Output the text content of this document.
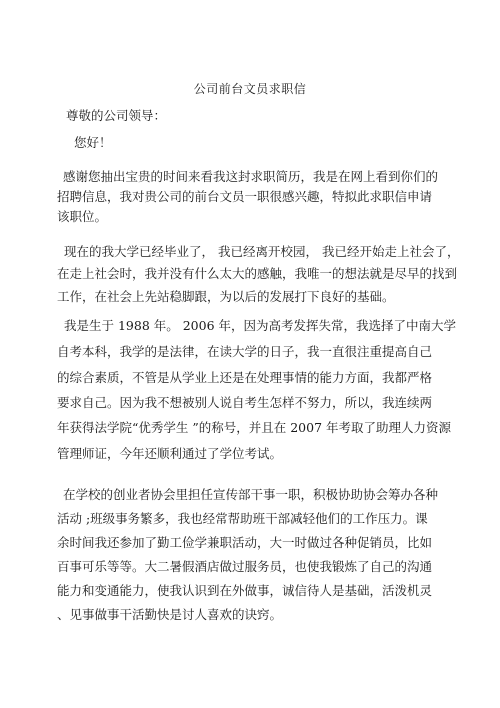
公司前台文员求职信
尊敬的公司领导：
您好！
感谢您抽出宝贵的时间来看我这封求职简历，我是在网上看到你们的
招聘信息，我对贵公司的前台文员一职很感兴趣，特拟此求职信申请
该职位。
现在的我大学已经毕业了， 我已经离开校园， 我已经开始走上社会了，
在走上社会时，我并没有什么太大的感触，我唯一的想法就是尽早的找到
工作，在社会上先站稳脚跟，为以后的发展打下良好的基础。
我是生于 1988 年。 2006 年，因为高考发挥失常，我选择了中南大学
自考本科，我学的是法律，在读大学的日子，我一直很注重提高自己
的综合素质，不管是从学业上还是在处理事情的能力方面，我都严格
要求自己。因为我不想被别人说自考生怎样不努力，所以，我连续两
年获得法学院“优秀学生 ”的称号，并且在 2007 年考取了助理人力资源
管理师证，今年还顺利通过了学位考试。
在学校的创业者协会里担任宣传部干事一职，积极协助协会筹办各种
活动 ;班级事务繁多，我也经常帮助班干部减轻他们的工作压力。课
余时间我还参加了勤工俭学兼职活动，大一时做过各种促销员，比如
百事可乐等等。大二暑假酒店做过服务员，也使我锻炼了自己的沟通
能力和变通能力，使我认识到在外做事，诚信待人是基础，活泼机灵
、见事做事干活勤快是讨人喜欢的诀窍。
